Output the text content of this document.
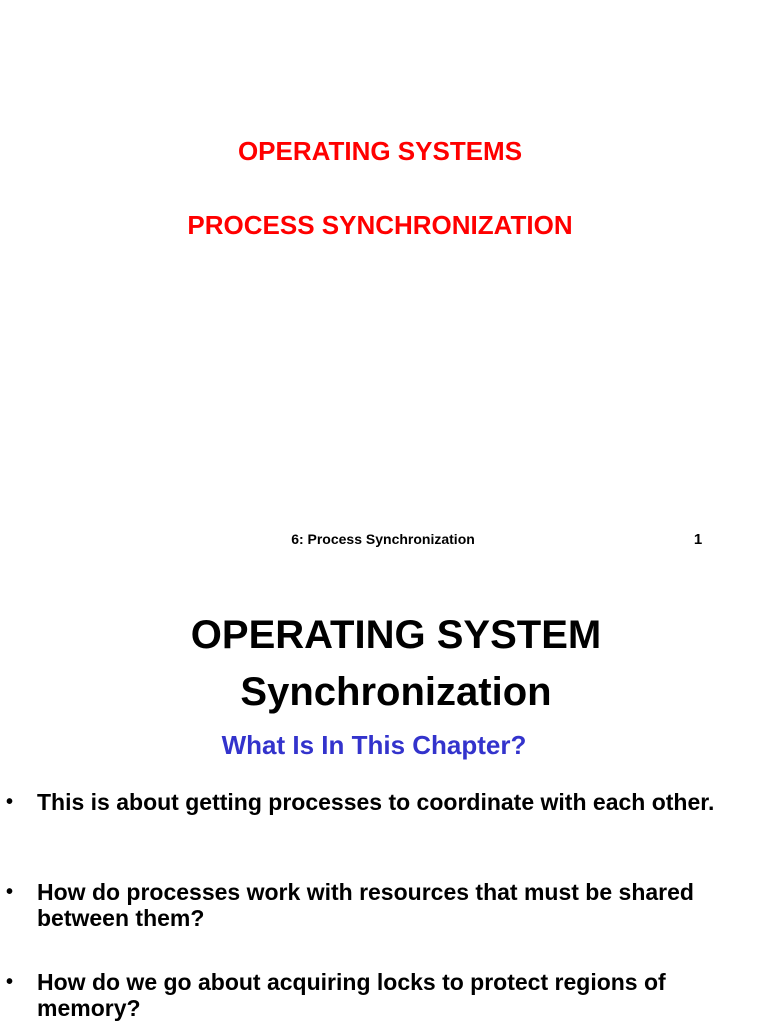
OPERATING SYSTEMS
PROCESS SYNCHRONIZATION
6: Process Synchronization	1
OPERATING SYSTEM
Synchronization
What Is In This Chapter?
• This is about getting processes to coordinate with each other.
• How do processes work with resources that must be shared between them?
• How do we go about acquiring locks to protect regions of memory?
